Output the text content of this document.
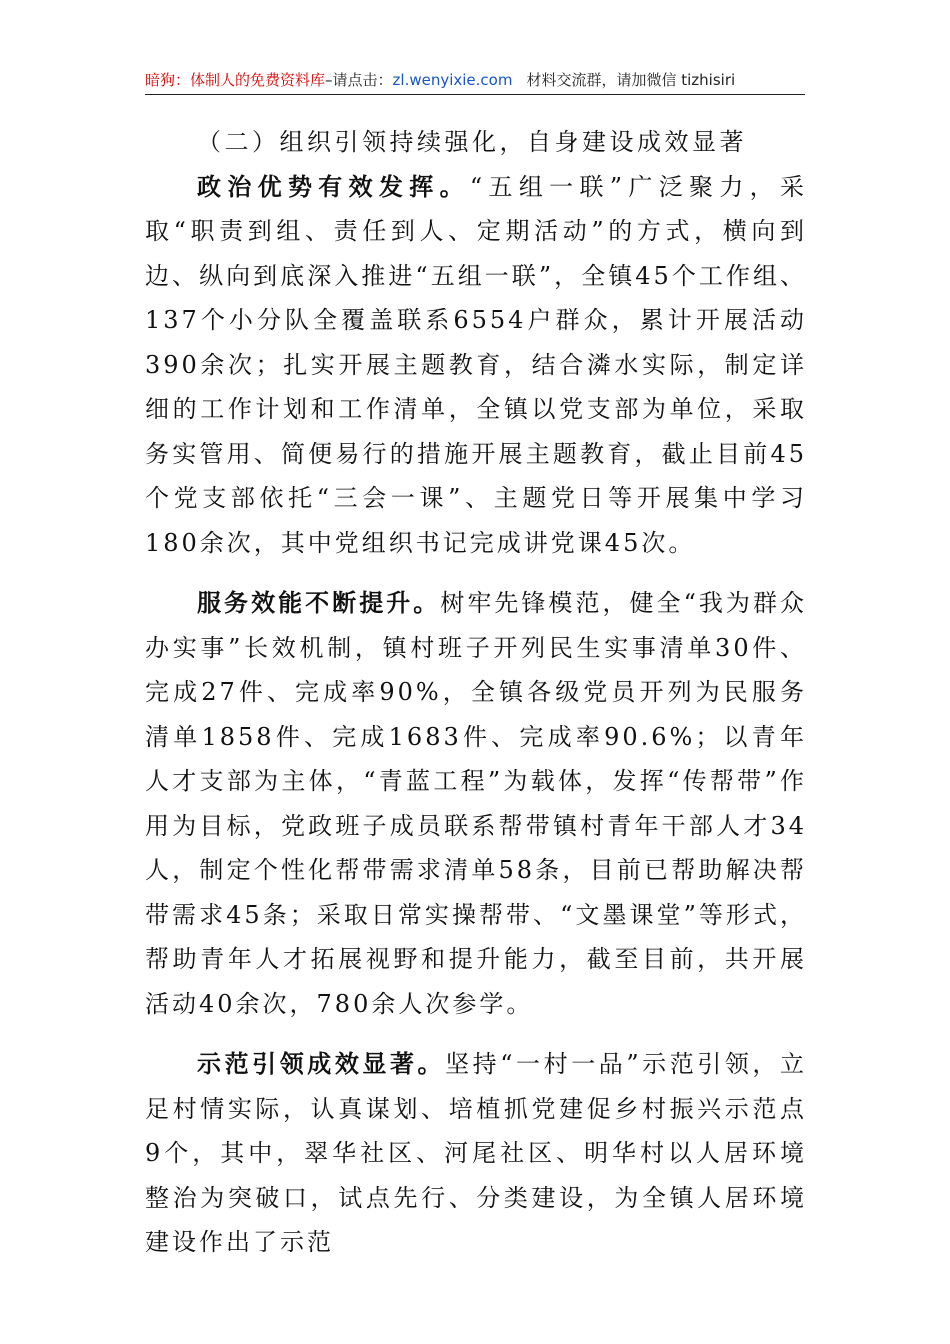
暗狗：体制人的免费资料库–请点击：zl.wenyixie.com 材料交流群，请加微信 tizhisiri

（二）组织引领持续强化，自身建设成效显著

政治优势有效发挥。“五组一联”广泛聚力，采取“职责到组、责任到人、定期活动”的方式，横向到边、纵向到底深入推进“五组一联”，全镇45个工作组、137个小分队全覆盖联系6554户群众，累计开展活动390余次；扎实开展主题教育，结合潾水实际，制定详细的工作计划和工作清单，全镇以党支部为单位，采取务实管用、简便易行的措施开展主题教育，截止目前45个党支部依托“三会一课”、主题党日等开展集中学习180余次，其中党组织书记完成讲党课45次。

服务效能不断提升。树牢先锋模范，健全“我为群众办实事”长效机制，镇村班子开列民生实事清单30件、完成27件、完成率90%，全镇各级党员开列为民服务清单1858件、完成1683件、完成率90.6%；以青年人才支部为主体，“青蓝工程”为载体，发挥“传帮带”作用为目标，党政班子成员联系帮带镇村青年干部人才34人，制定个性化帮带需求清单58条，目前已帮助解决帮带需求45条；采取日常实操帮带、“文墨课堂”等形式，帮助青年人才拓展视野和提升能力，截至目前，共开展活动40余次，780余人次参学。

示范引领成效显著。坚持“一村一品”示范引领，立足村情实际，认真谋划、培植抓党建促乡村振兴示范点9个，其中，翠华社区、河尾社区、明华村以人居环境整治为突破口，试点先行、分类建设，为全镇人居环境建设作出了示范
